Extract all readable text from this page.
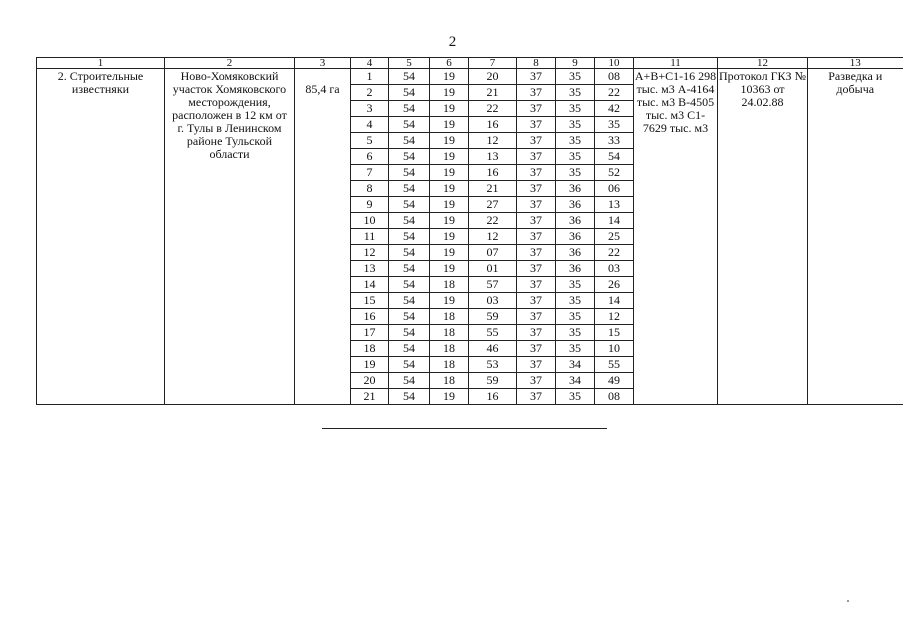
2
1	2	3	4	5	6	7	8	9	10	11	12	13
2. Строительные известняки	Ново-Хомяковский участок Хомяковского месторождения, расположен в 12 км от г. Тулы в Ленинском районе Тульской области	85,4 га	1	54	19	20	37	35	08	A+B+C1-16 298 тыс. м3 A-4164 тыс. м3 B-4505 тыс. м3 C1-7629 тыс. м3	Протокол ГКЗ № 10363 от 24.02.88	Разведка и добыча
			2	54	19	21	37	35	22			
			3	54	19	22	37	35	42			
			4	54	19	16	37	35	35			
			5	54	19	12	37	35	33			
			6	54	19	13	37	35	54			
			7	54	19	16	37	35	52			
			8	54	19	21	37	36	06			
			9	54	19	27	37	36	13			
			10	54	19	22	37	36	14			
			11	54	19	12	37	36	25			
			12	54	19	07	37	36	22			
			13	54	19	01	37	36	03			
			14	54	18	57	37	35	26			
			15	54	19	03	37	35	14			
			16	54	18	59	37	35	12			
			17	54	18	55	37	35	15			
			18	54	18	46	37	35	10			
			19	54	18	53	37	34	55			
			20	54	18	59	37	34	49			
			21	54	19	16	37	35	08			
